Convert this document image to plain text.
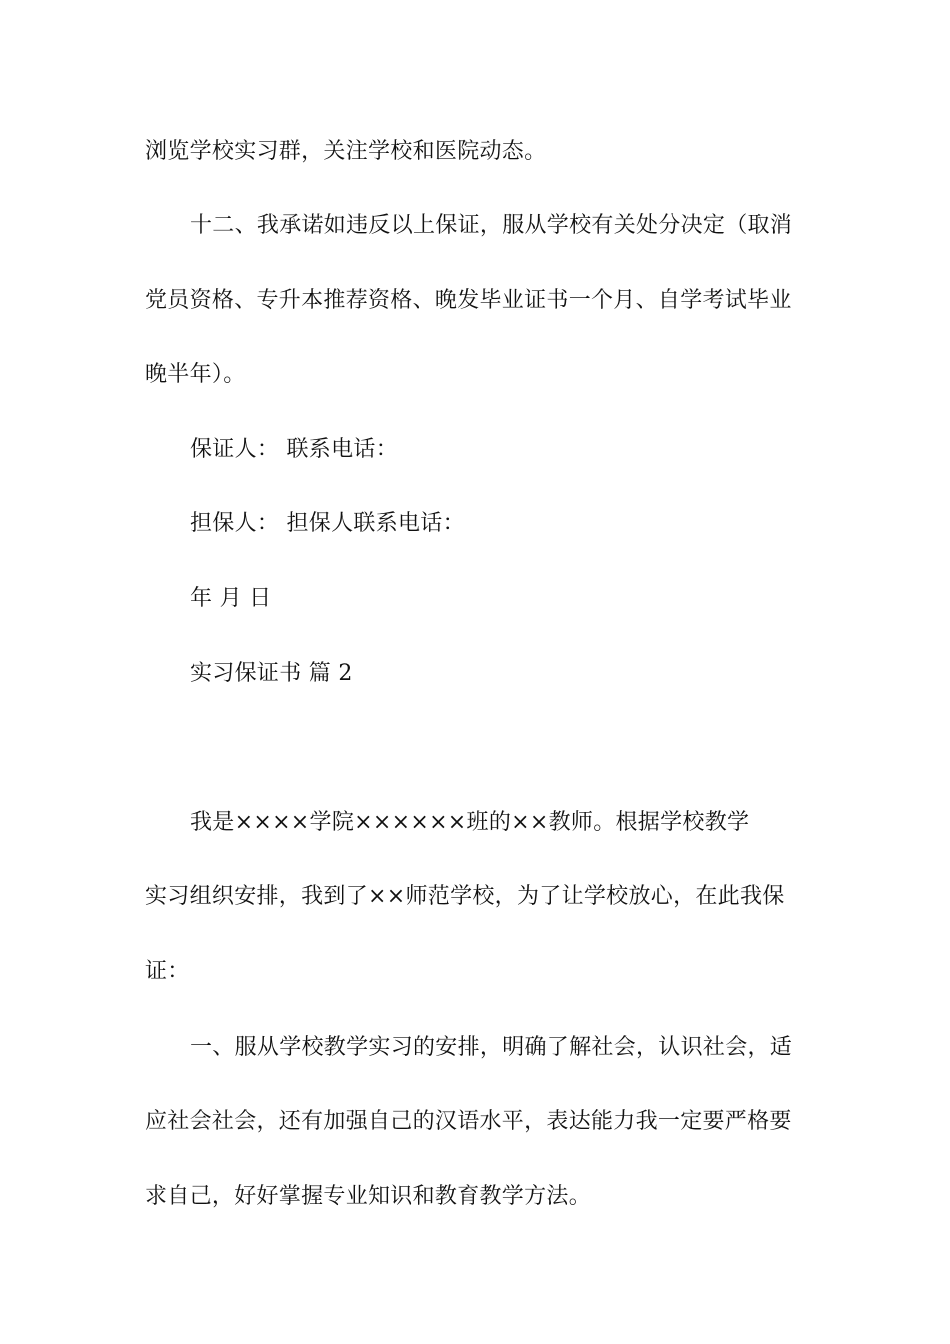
浏览学校实习群，关注学校和医院动态。
十二、我承诺如违反以上保证，服从学校有关处分决定（取消
党员资格、专升本推荐资格、晚发毕业证书一个月、自学考试毕业
晚半年）。
保证人： 联系电话：
担保人： 担保人联系电话：
年 月 日
实习保证书 篇 2
我是××××学院××××××班的××教师。根据学校教学
实习组织安排，我到了××师范学校，为了让学校放心，在此我保
证：
一、服从学校教学实习的安排，明确了解社会，认识社会，适
应社会社会，还有加强自己的汉语水平，表达能力我一定要严格要
求自己，好好掌握专业知识和教育教学方法。
